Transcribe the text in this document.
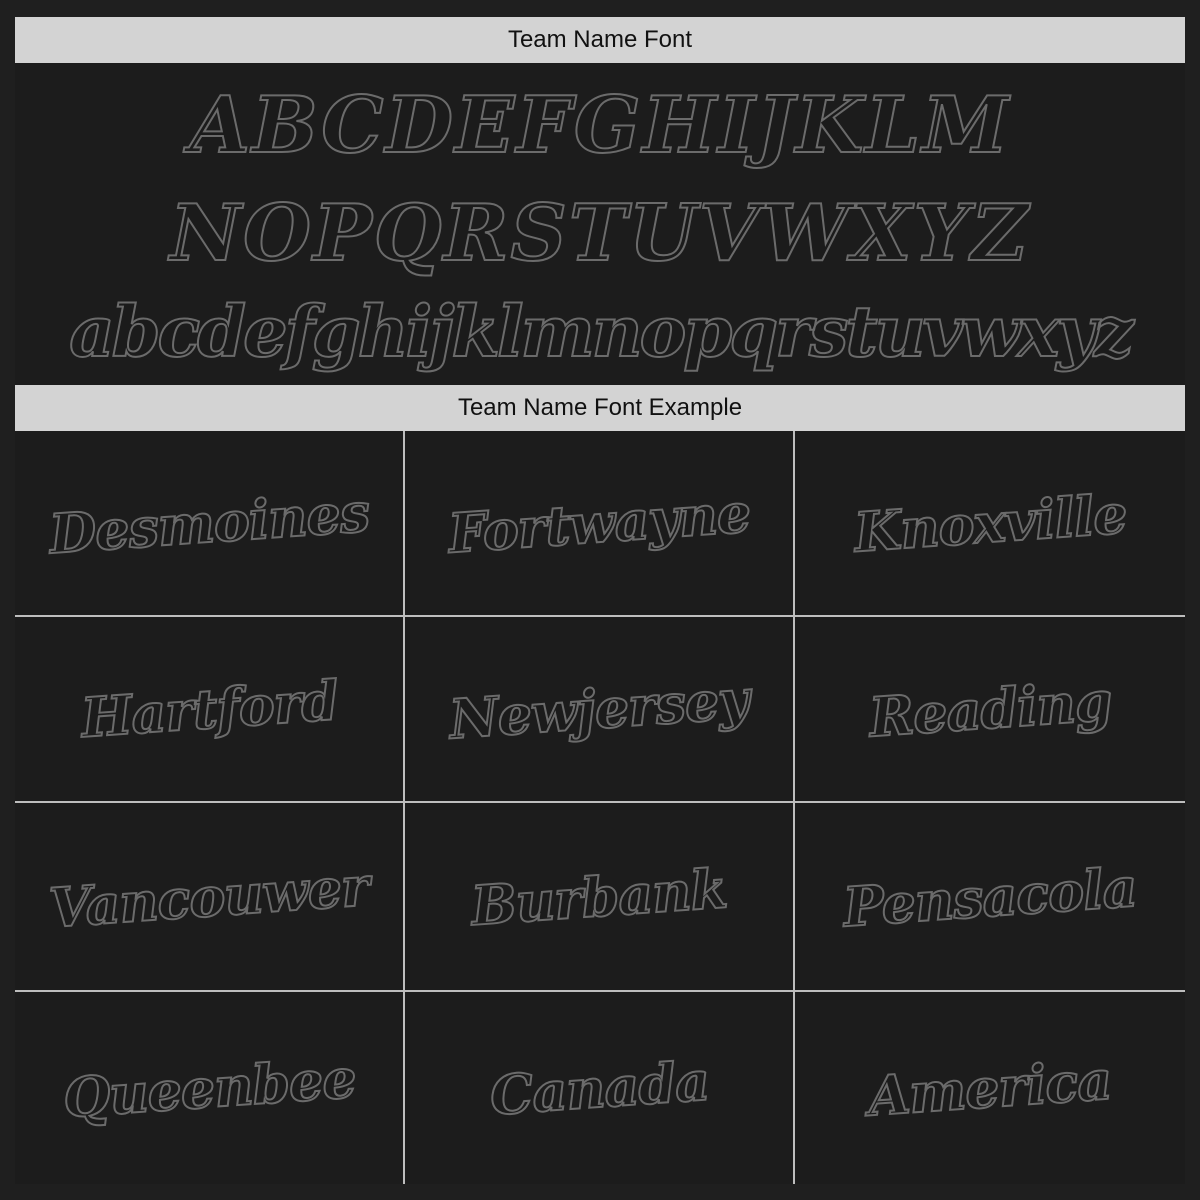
Team Name Font
ABCDEFGHIJKLM
NOPQRSTUVWXYZ
abcdefghijklmnopqrstuvwxyz
Team Name Font Example
Desmoines Fortwayne Knoxville
Hartford Newjersey Reading
Vancouwer Burbank Pensacola
Queenbee Canada	America
